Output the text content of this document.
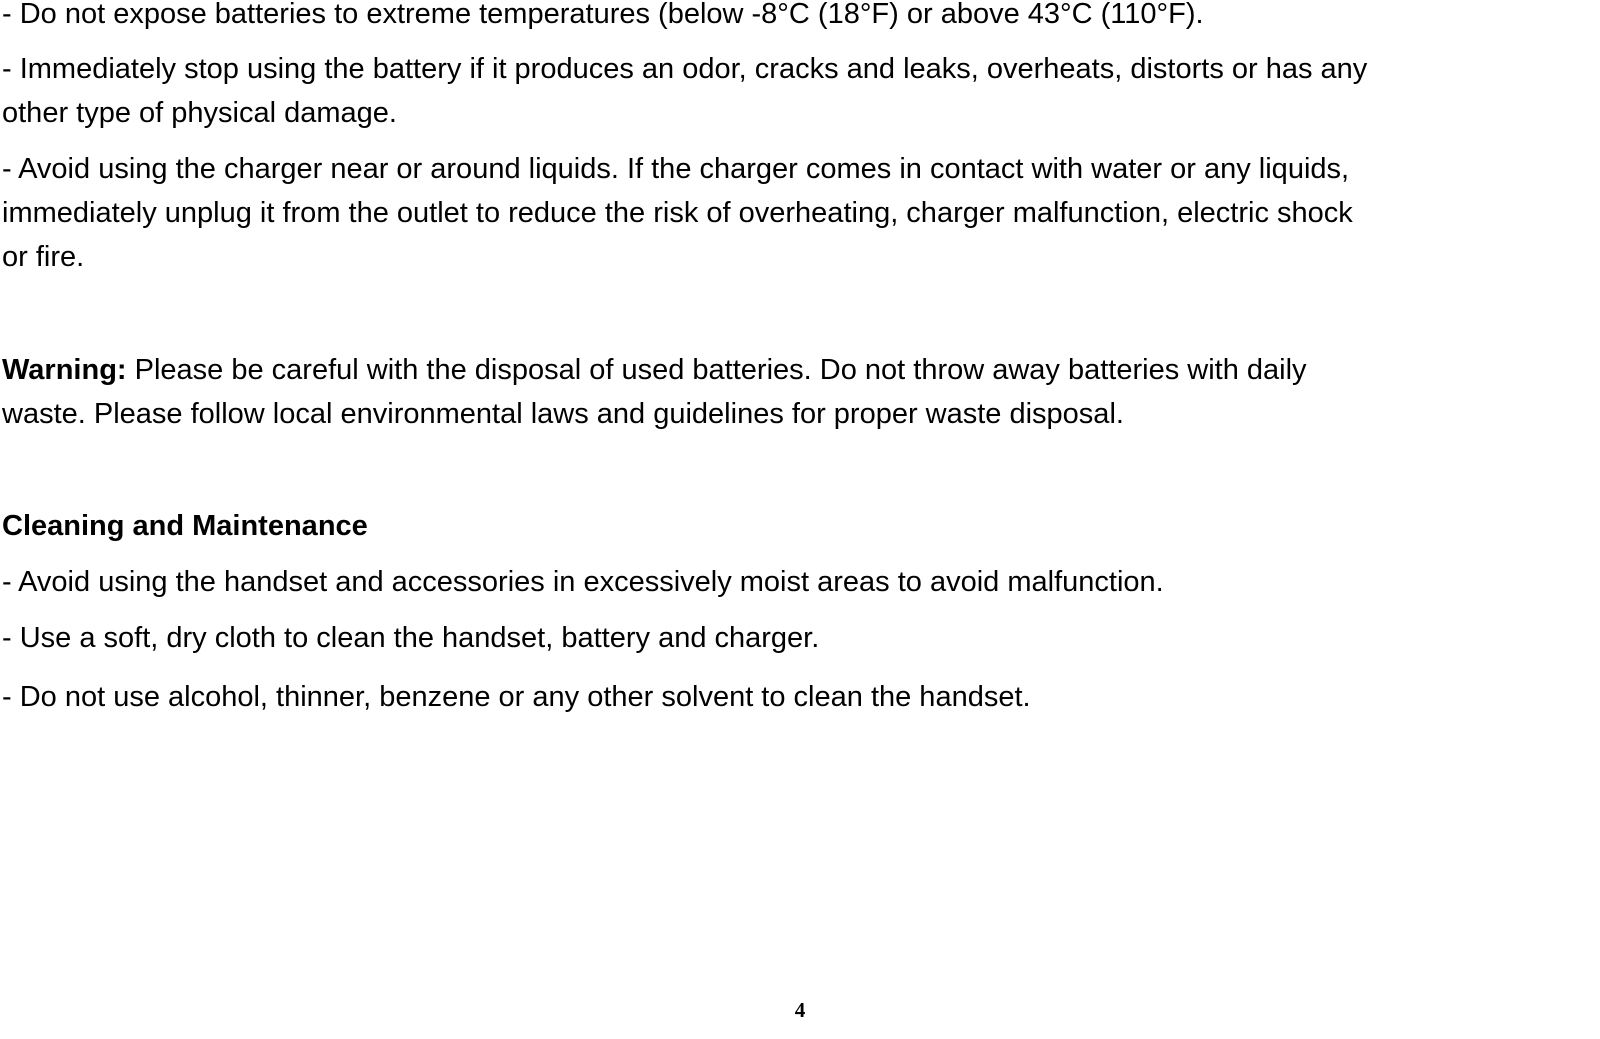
- Do not expose batteries to extreme temperatures (below -8°C (18°F) or above 43°C (110°F).

- Immediately stop using the battery if it produces an odor, cracks and leaks, overheats, distorts or has any

other type of physical damage.

- Avoid using the charger near or around liquids. If the charger comes in contact with water or any liquids,

immediately unplug it from the outlet to reduce the risk of overheating, charger malfunction, electric shock

or fire.

Warning: Please be careful with the disposal of used batteries. Do not throw away batteries with daily

waste. Please follow local environmental laws and guidelines for proper waste disposal.

Cleaning and Maintenance

- Avoid using the handset and accessories in excessively moist areas to avoid malfunction.

- Use a soft, dry cloth to clean the handset, battery and charger.

- Do not use alcohol, thinner, benzene or any other solvent to clean the handset.

4
